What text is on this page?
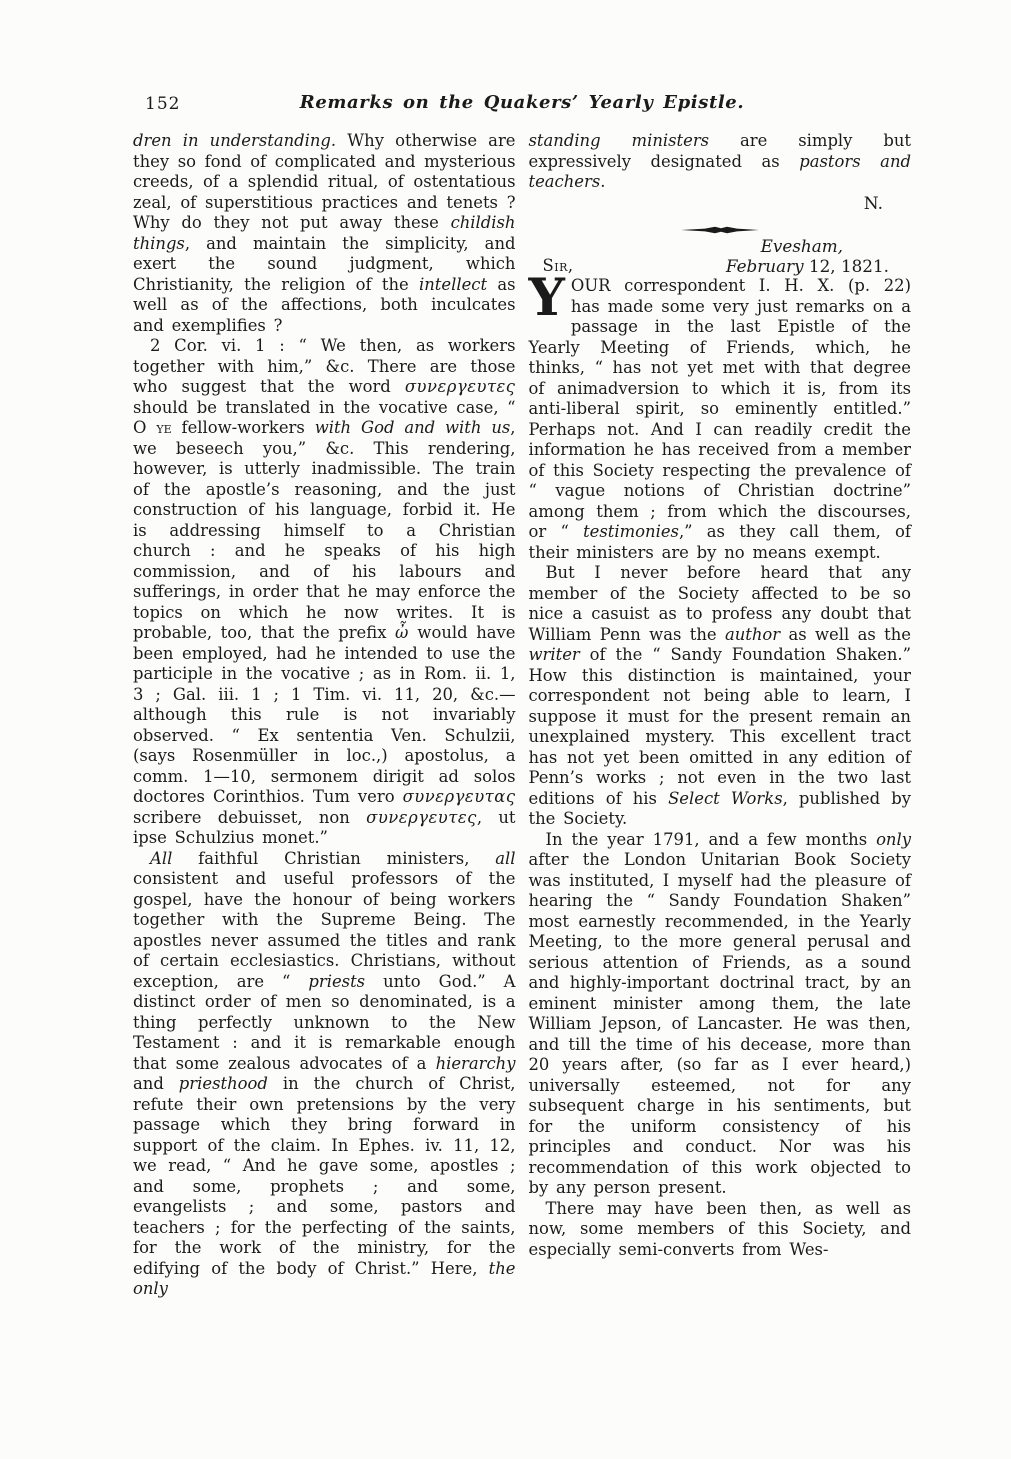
152	Remarks on the Quakers’ Yearly Epistle.

dren in understanding. Why otherwise are they so fond of complicated and mysterious creeds, of a splendid ritual, of ostentatious zeal, of superstitious practices and tenets ? Why do they not put away these childish things, and maintain the simplicity, and exert the sound judgment, which Christianity, the religion of the intellect as well as of the affections, both inculcates and exemplifies ?

2 Cor. vi. 1 : “ We then, as workers together with him,” &c. There are those who suggest that the word συνεργευτες should be translated in the vocative case, “ O ye fellow-workers with God and with us, we beseech you,” &c. This rendering, however, is utterly inadmissible. The train of the apostle’s reasoning, and the just construction of his language, forbid it. He is addressing himself to a Christian church : and he speaks of his high commission, and of his labours and sufferings, in order that he may enforce the topics on which he now writes. It is probable, too, that the prefix ὦ would have been employed, had he intended to use the participle in the vocative ; as in Rom. ii. 1, 3 ; Gal. iii. 1 ; 1 Tim. vi. 11, 20, &c.—although this rule is not invariably observed. “ Ex sententia Ven. Schulzii, (says Rosenmüller in loc.,) apostolus, a comm. 1—10, sermonem dirigit ad solos doctores Corinthios. Tum vero συνεργευτας scribere debuisset, non συνεργευτες, ut ipse Schulzius monet.”

All faithful Christian ministers, all consistent and useful professors of the gospel, have the honour of being workers together with the Supreme Being. The apostles never assumed the titles and rank of certain ecclesiastics. Christians, without exception, are “ priests unto God.” A distinct order of men so denominated, is a thing perfectly unknown to the New Testament : and it is remarkable enough that some zealous advocates of a hierarchy and priesthood in the church of Christ, refute their own pretensions by the very passage which they bring forward in support of the claim. In Ephes. iv. 11, 12, we read, “ And he gave some, apostles ; and some, prophets ; and some, evangelists ; and some, pastors and teachers ; for the perfecting of the saints, for the work of the ministry, for the edifying of the body of Christ.” Here, the only

standing ministers are simply but expressively designated as pastors and teachers.

N.
Evesham,
Sir,	February 12, 1821.

YOUR correspondent I. H. X. (p. 22) has made some very just remarks on a passage in the last Epistle of the Yearly Meeting of Friends, which, he thinks, “ has not yet met with that degree of animadversion to which it is, from its anti-liberal spirit, so eminently entitled.” Perhaps not. And I can readily credit the information he has received from a member of this Society respecting the prevalence of “ vague notions of Christian doctrine” among them ; from which the discourses, or “ testimonies,” as they call them, of their ministers are by no means exempt.

But I never before heard that any member of the Society affected to be so nice a casuist as to profess any doubt that William Penn was the author as well as the writer of the “ Sandy Foundation Shaken.” How this distinction is maintained, your correspondent not being able to learn, I suppose it must for the present remain an unexplained mystery. This excellent tract has not yet been omitted in any edition of Penn’s works ; not even in the two last editions of his Select Works, published by the Society.

In the year 1791, and a few months only after the London Unitarian Book Society was instituted, I myself had the pleasure of hearing the “ Sandy Foundation Shaken” most earnestly recommended, in the Yearly Meeting, to the more general perusal and serious attention of Friends, as a sound and highly-important doctrinal tract, by an eminent minister among them, the late William Jepson, of Lancaster. He was then, and till the time of his decease, more than 20 years after, (so far as I ever heard,) universally esteemed, not for any subsequent charge in his sentiments, but for the uniform consistency of his principles and conduct. Nor was his recommendation of this work objected to by any person present.

There may have been then, as well as now, some members of this Society, and especially semi-converts from Wes-
